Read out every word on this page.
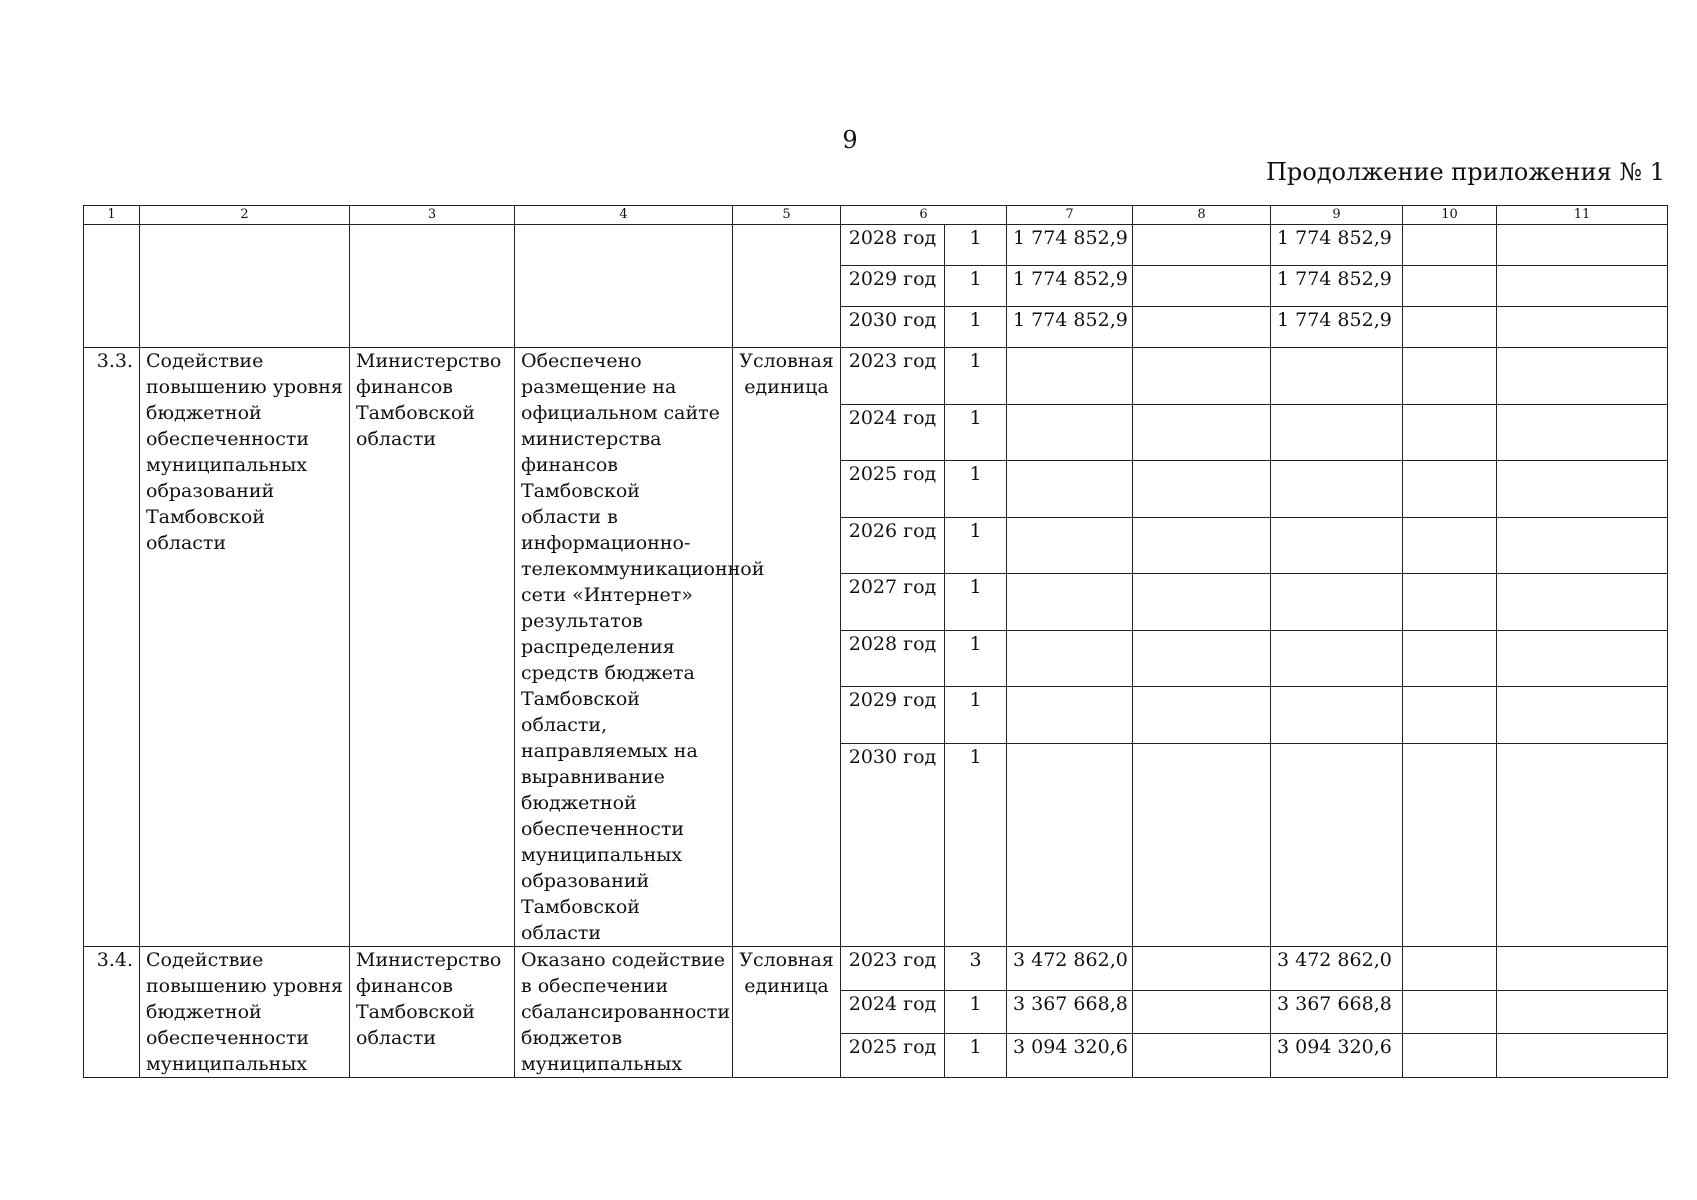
9
Продолжение приложения № 1
1	2	3	4	5	6		7	8	9	10	11
					2028 год	1	1 774 852,9		1 774 852,9		
					2029 год	1	1 774 852,9		1 774 852,9		
					2030 год	1	1 774 852,9		1 774 852,9		
3.3.	Содействие повышению уровня бюджетной обеспеченности муниципальных образований Тамбовской области	Министерство финансов Тамбовской области	Обеспечено размещение на официальном сайте министерства финансов Тамбовской области в информационно-телекоммуникационной сети «Интернет» результатов распределения средств бюджета Тамбовской области, направляемых на выравнивание бюджетной обеспеченности муниципальных образований Тамбовской области	Условная единица	2023 год	1					
					2024 год	1					
					2025 год	1					
					2026 год	1					
					2027 год	1					
					2028 год	1					
					2029 год	1					
					2030 год	1					
3.4.	Содействие повышению уровня бюджетной обеспеченности муниципальных	Министерство финансов Тамбовской области	Оказано содействие в обеспечении сбалансированности бюджетов муниципальных	Условная единица	2023 год	3	3 472 862,0		3 472 862,0		
					2024 год	1	3 367 668,8		3 367 668,8		
					2025 год	1	3 094 320,6		3 094 320,6		
